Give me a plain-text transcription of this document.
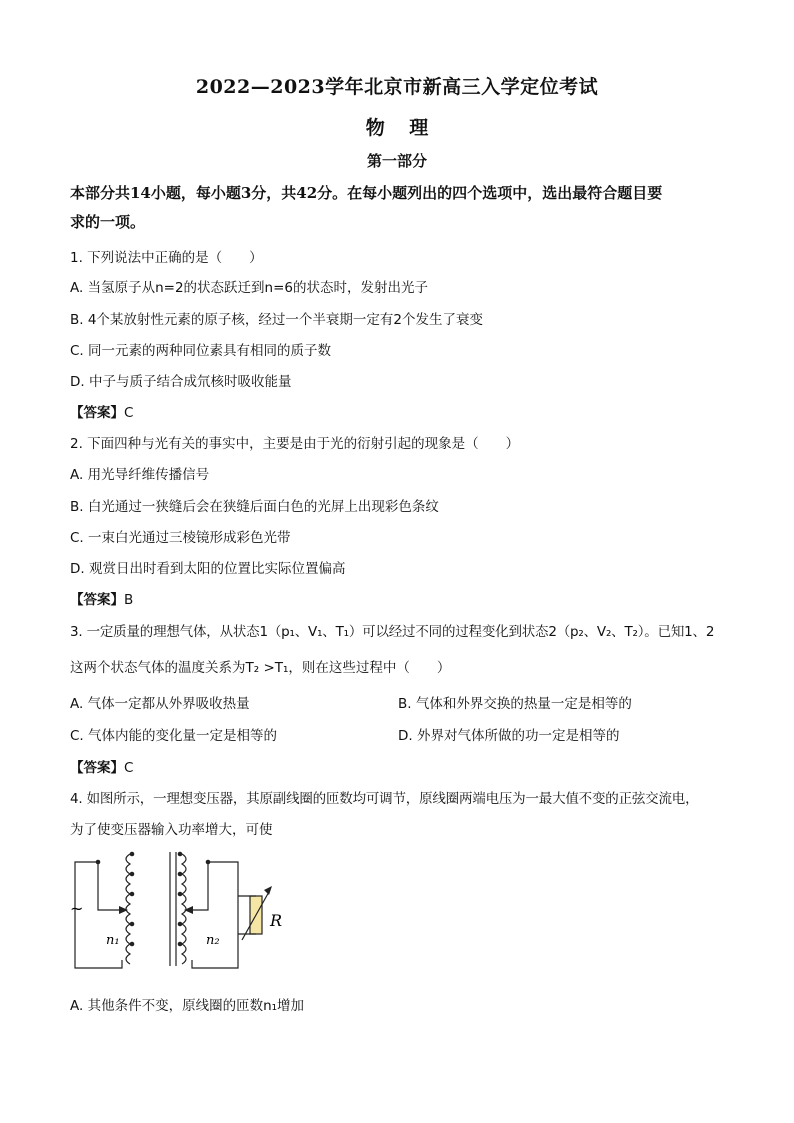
2022—2023学年北京市新高三入学定位考试
物 理
第一部分
本部分共14小题，每小题3分，共42分。在每小题列出的四个选项中，选出最符合题目要
求的一项。
1. 下列说法中正确的是（　　）
A. 当氢原子从n=2的状态跃迁到n=6的状态时，发射出光子
B. 4个某放射性元素的原子核，经过一个半衰期一定有2个发生了衰变
C. 同一元素的两种同位素具有相同的质子数
D. 中子与质子结合成氘核时吸收能量
【答案】C
2. 下面四种与光有关的事实中，主要是由于光的衍射引起的现象是（　　）
A. 用光导纤维传播信号
B. 白光通过一狭缝后会在狭缝后面白色的光屏上出现彩色条纹
C. 一束白光通过三棱镜形成彩色光带
D. 观赏日出时看到太阳的位置比实际位置偏高
【答案】B
3. 一定质量的理想气体，从状态1（p₁、V₁、T₁）可以经过不同的过程变化到状态2（p₂、V₂、T₂）。已知1、2
这两个状态气体的温度关系为T₂ >T₁，则在这些过程中（　　）
A. 气体一定都从外界吸收热量	B. 气体和外界交换的热量一定是相等的
C. 气体内能的变化量一定是相等的	D. 外界对气体所做的功一定是相等的
【答案】C
4. 如图所示，一理想变压器，其原副线圈的匝数均可调节，原线圈两端电压为一最大值不变的正弦交流电，
为了使变压器输入功率增大，可使
~
n₁	n₂
R
A. 其他条件不变，原线圈的匝数n₁增加
